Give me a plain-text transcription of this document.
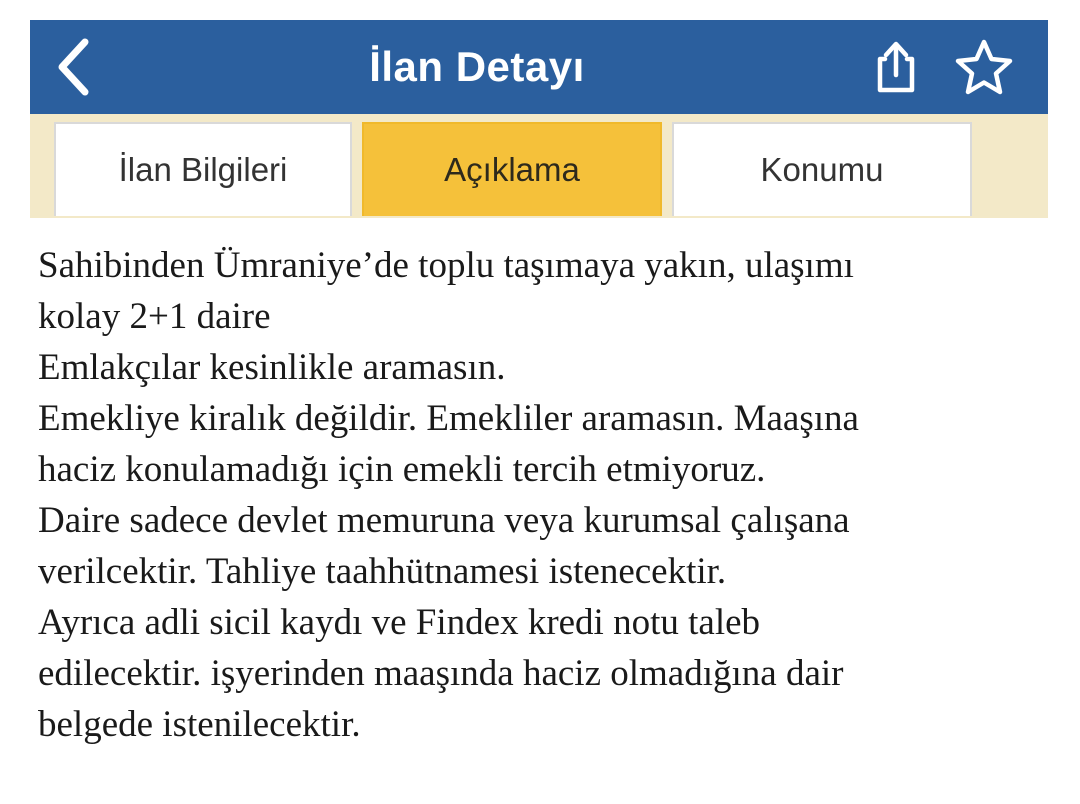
İlan Detayı
İlan Bilgileri	Açıklama	Konumu
Sahibinden Ümraniye’de toplu taşımaya yakın, ulaşımı
kolay 2+1 daire
Emlakçılar kesinlikle aramasın.
Emekliye kiralık değildir. Emekliler aramasın. Maaşına
haciz konulamadığı için emekli tercih etmiyoruz.
Daire sadece devlet memuruna veya kurumsal çalışana
verilcektir. Tahliye taahhütnamesi istenecektir.
Ayrıca adli sicil kaydı ve Findex kredi notu taleb
edilecektir. işyerinden maaşında haciz olmadığına dair
belgede istenilecektir.
